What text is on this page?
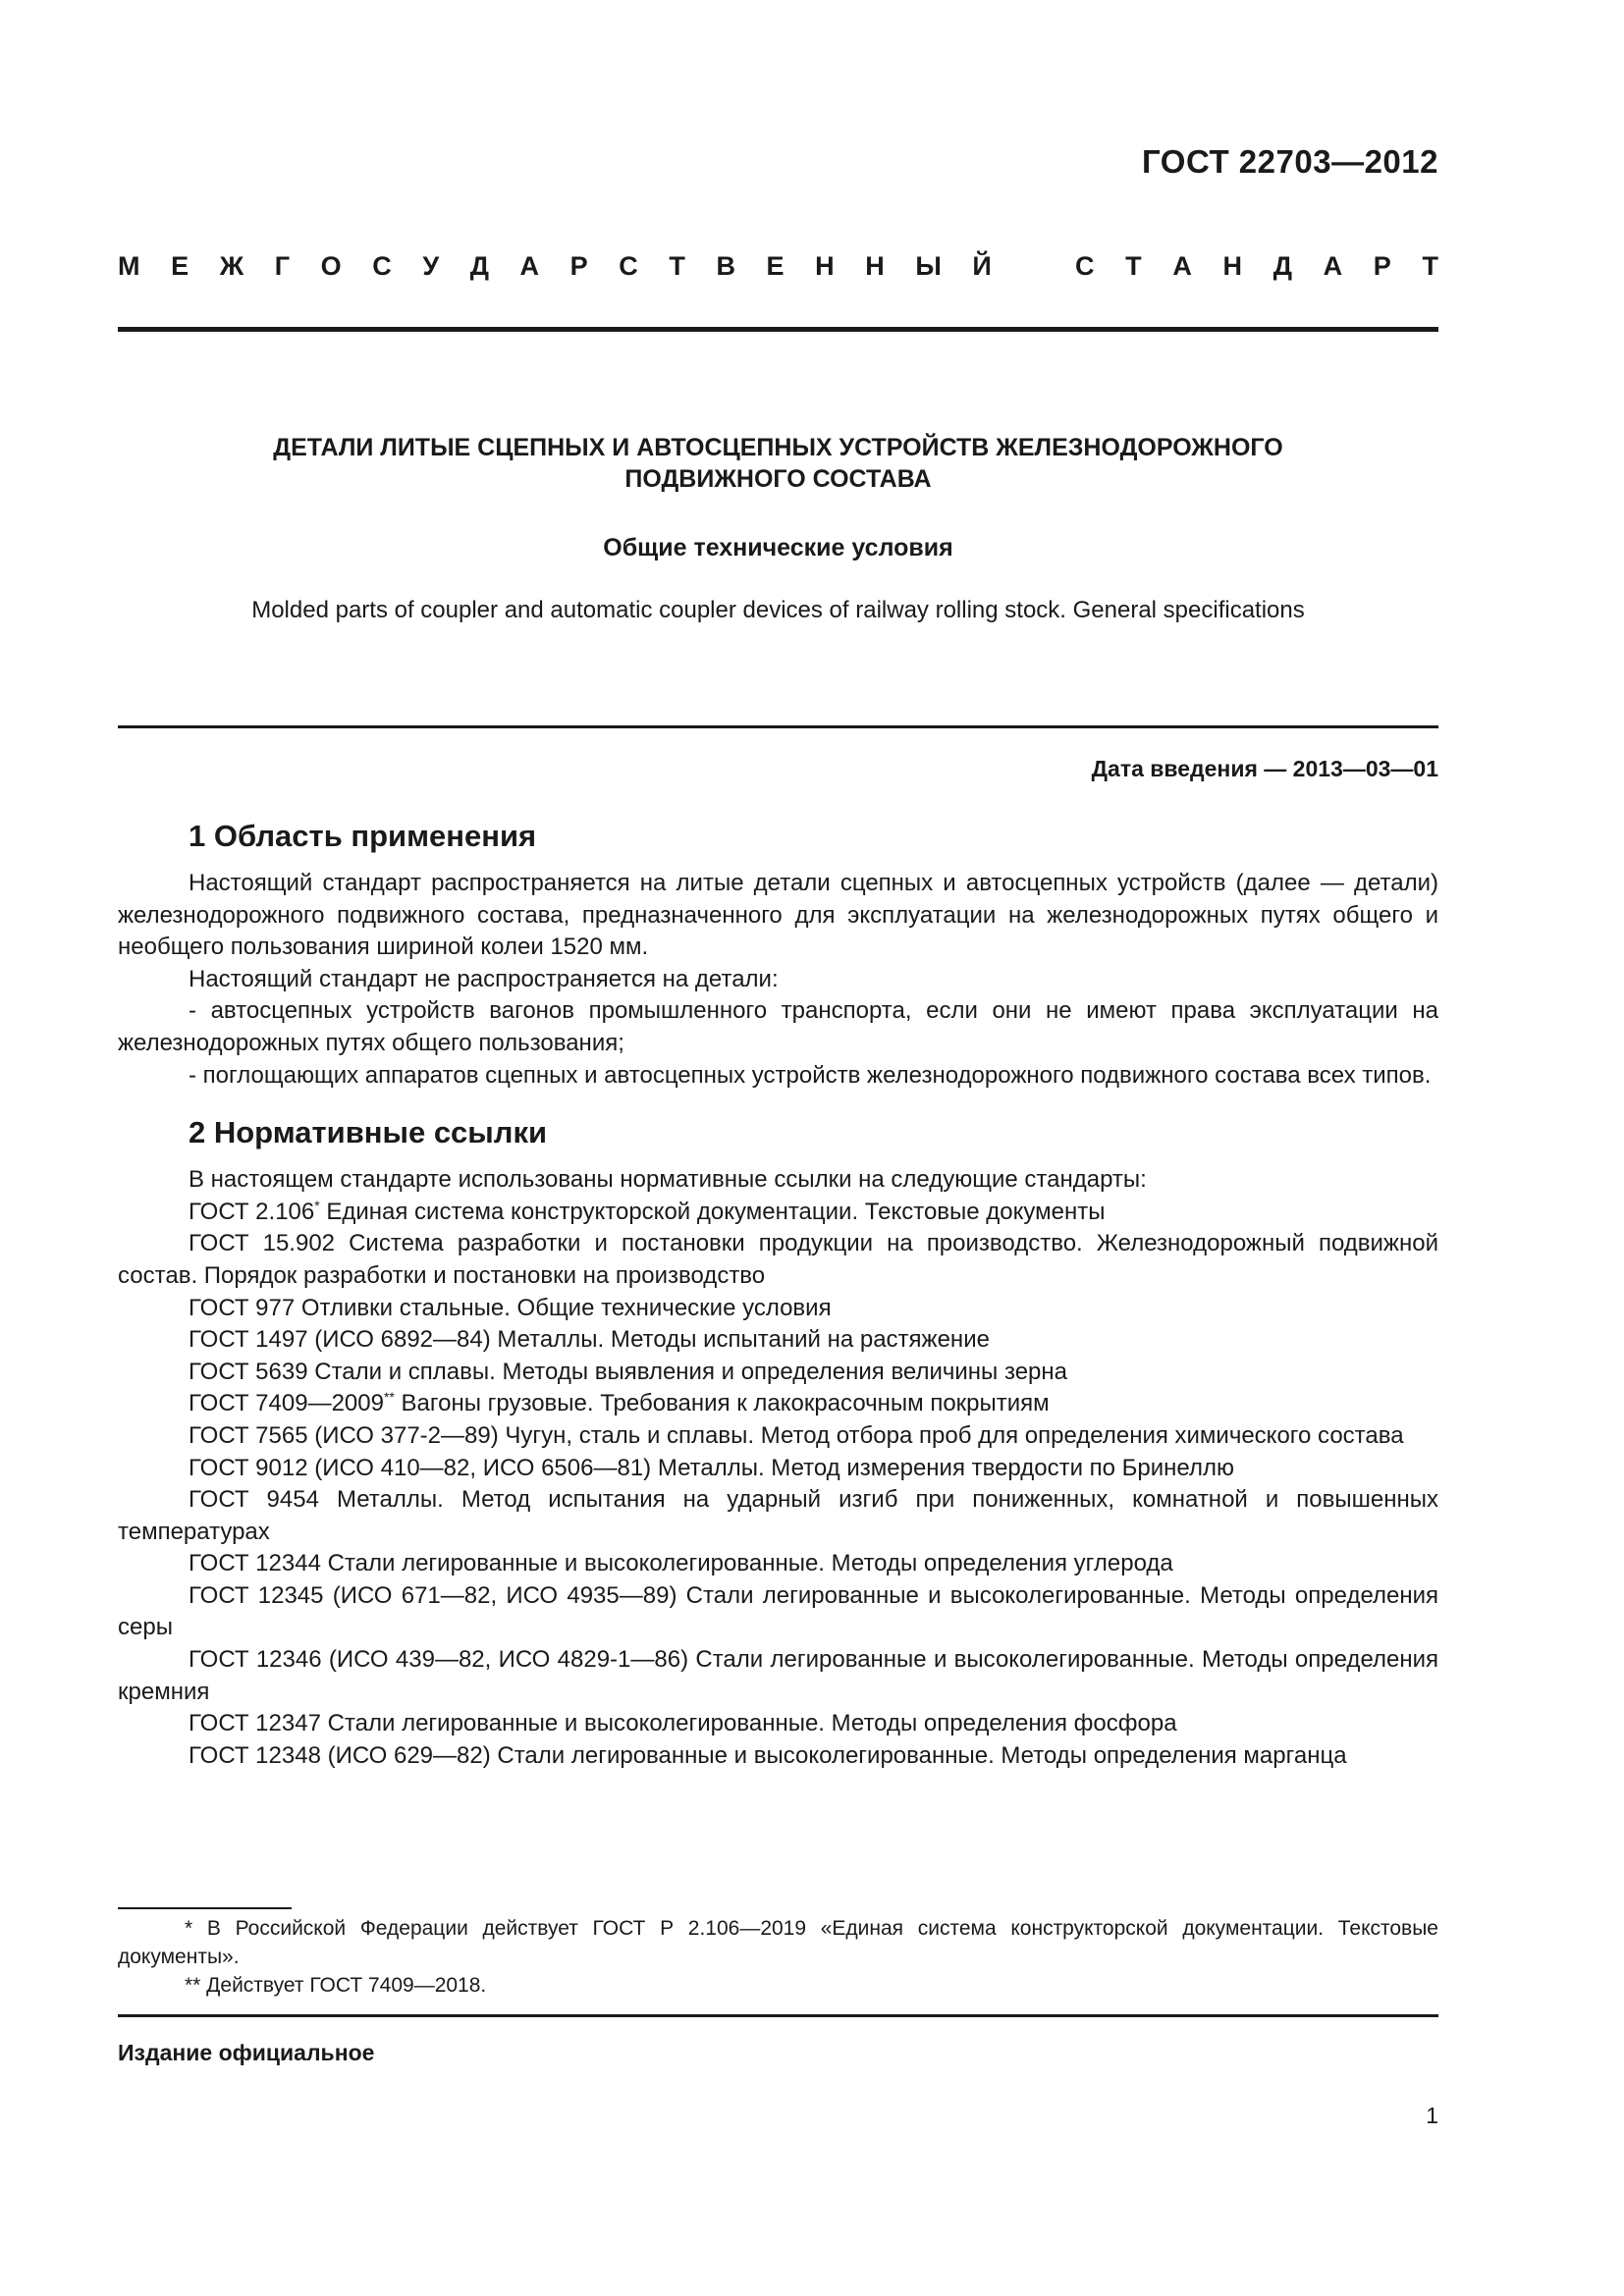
ГОСТ 22703—2012
М Е Ж Г О С У Д А Р С Т В Е Н Н Ы Й	С Т А Н Д А Р Т
ДЕТАЛИ ЛИТЫЕ СЦЕПНЫХ И АВТОСЦЕПНЫХ УСТРОЙСТВ ЖЕЛЕЗНОДОРОЖНОГО
ПОДВИЖНОГО СОСТАВА
Общие технические условия
Molded parts of coupler and automatic coupler devices of railway rolling stock. General specifications
Дата введения — 2013—03—01
1 Область применения

Настоящий стандарт распространяется на литые детали сцепных и автосцепных устройств (далее — детали) железнодорожного подвижного состава, предназначенного для эксплуатации на железнодорожных путях общего и необщего пользования шириной колеи 1520 мм.

Настоящий стандарт не распространяется на детали:

- автосцепных устройств вагонов промышленного транспорта, если они не имеют права эксплуатации на железнодорожных путях общего пользования;

- поглощающих аппаратов сцепных и автосцепных устройств железнодорожного подвижного состава всех типов.

2 Нормативные ссылки

В настоящем стандарте использованы нормативные ссылки на следующие стандарты:

ГОСТ 2.106* Единая система конструкторской документации. Текстовые документы

ГОСТ 15.902 Система разработки и постановки продукции на производство. Железнодорожный подвижной состав. Порядок разработки и постановки на производство

ГОСТ 977 Отливки стальные. Общие технические условия

ГОСТ 1497 (ИСО 6892—84) Металлы. Методы испытаний на растяжение

ГОСТ 5639 Стали и сплавы. Методы выявления и определения величины зерна

ГОСТ 7409—2009** Вагоны грузовые. Требования к лакокрасочным покрытиям

ГОСТ 7565 (ИСО 377-2—89) Чугун, сталь и сплавы. Метод отбора проб для определения химического состава

ГОСТ 9012 (ИСО 410—82, ИСО 6506—81) Металлы. Метод измерения твердости по Бринеллю

ГОСТ 9454 Металлы. Метод испытания на ударный изгиб при пониженных, комнатной и повышенных температурах

ГОСТ 12344 Стали легированные и высоколегированные. Методы определения углерода

ГОСТ 12345 (ИСО 671—82, ИСО 4935—89) Стали легированные и высоколегированные. Методы определения серы

ГОСТ 12346 (ИСО 439—82, ИСО 4829-1—86) Стали легированные и высоколегированные. Методы определения кремния

ГОСТ 12347 Стали легированные и высоколегированные. Методы определения фосфора

ГОСТ 12348 (ИСО 629—82) Стали легированные и высоколегированные. Методы определения марганца

* В Российской Федерации действует ГОСТ Р 2.106—2019 «Единая система конструкторской документации. Текстовые документы».

** Действует ГОСТ 7409—2018.

Издание официальное
1
